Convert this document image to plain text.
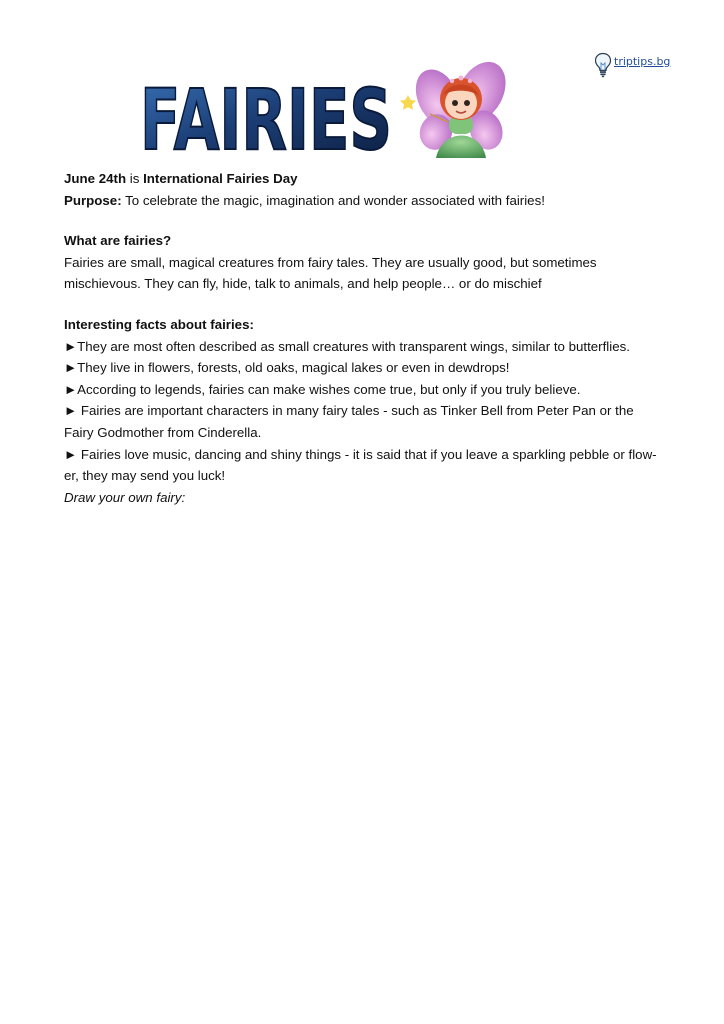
triptips.bg
FAIRIES

June 24th is International Fairies Day

Purpose: To celebrate the magic, imagination and wonder associated with fairies!

What are fairies?

Fairies are small, magical creatures from fairy tales. They are usually good, but sometimes

mischievous. They can fly, hide, talk to animals, and help people… or do mischief

Interesting facts about fairies:

►They are most often described as small creatures with transparent wings, similar to butterflies.

►They live in flowers, forests, old oaks, magical lakes or even in dewdrops!

►According to legends, fairies can make wishes come true, but only if you truly believe.

► Fairies are important characters in many fairy tales - such as Tinker Bell from Peter Pan or the

Fairy Godmother from Cinderella.

► Fairies love music, dancing and shiny things - it is said that if you leave a sparkling pebble or flow-

er, they may send you luck!

Draw your own fairy:
